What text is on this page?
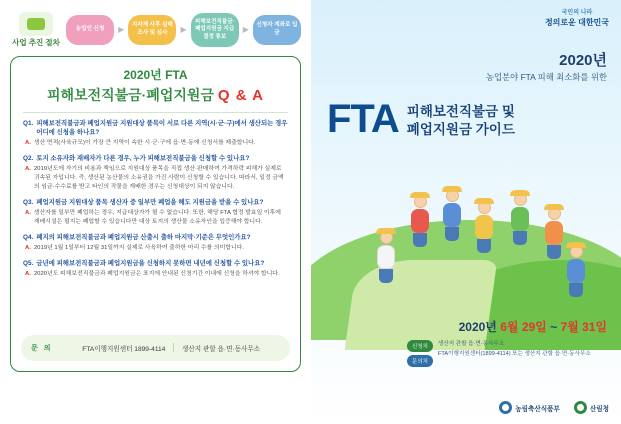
사업 추진 절차
농업인 신청	▶
지자체 사후 실태조사 및 심사	▶
피해보전직불금· 폐업지원금 지급결정 통보
▶
신청자 계좌로 입금
2020년 FTA
피해보전직불금·폐업지원금 Q & A
Q1. 피해보전직불금과 폐업지원금 지원대상 품목이 서로 다른 지역(시·군·구)에서 생산되는 경우 어디에 신청을 하나요?
A. 생산 면적(사육규모)이 가장 큰 지역이 속한 시·군·구에 읍·면·동에 신청서를 제출합니다.
Q2. 토지 소유자와 재배자가 다른 경우, 누가 피해보전직불금을 신청할 수 있나요?
A. 2019년도에 자기의 비용과 책임으로 지원대상 품목을 직접 생산·판매하여 가격하락 피해가 실제로 귀속된 자입니다. 즉, 생산된 농산물의 소유권을 가진 사람이 신청할 수 있습니다. 따라서, 일정 금액의 임금·수수료를 받고 타인의 작물을 재배한 경우는 신청대상이 되지 않습니다.
Q3. 폐업지원금 지원대상 품목 생산자 중 일부만 폐업을 해도 지원금을 받을 수 있나요?
A. 생산자를 일부만 폐업하는 경우, 지급대상자가 될 수 없습니다. 또한, 해당 FTA 협정 발효일 이후에 재배시설은 될지는 폐업할 수 있습니다만 대상 토지의 생산물 소유자인을 입증해야 합니다.
Q4. 폐지의 피해보전직불금과 폐업지원금 산출시 출하 마지막·기준은 무엇인가요?
A. 2019년 1월 1일부터 12월 31일까지 실제로 사육하여 출하한 마리 수를 의미합니다.
Q5. 금년에 피해보전직불금과 폐업지원금을 신청하지 못하면 내년에 신청할 수 있나요?
A. 2020년도 피해보전직불금과 폐업지원금은 표지에 안내된 신청기간 이내에 신청을 하셔야 합니다.
문 의	FTA이행지원센터 1899-4114	생산지 관할 읍·면·동사무소
국민의 나라
정의로운 대한민국
2020년
농업분야 FTA 피해 최소화를 위한
FTA 피해보전직불금 및
폐업지원금 가이드
2020년 6월 29일 ~ 7월 31일
신청처
문의처
생산지 관할 읍·면·동사무소
FTA이행지원센터(1899-4114) 또는 생산지 관할 읍·면·동사무소
농림축산식품부	산림청
